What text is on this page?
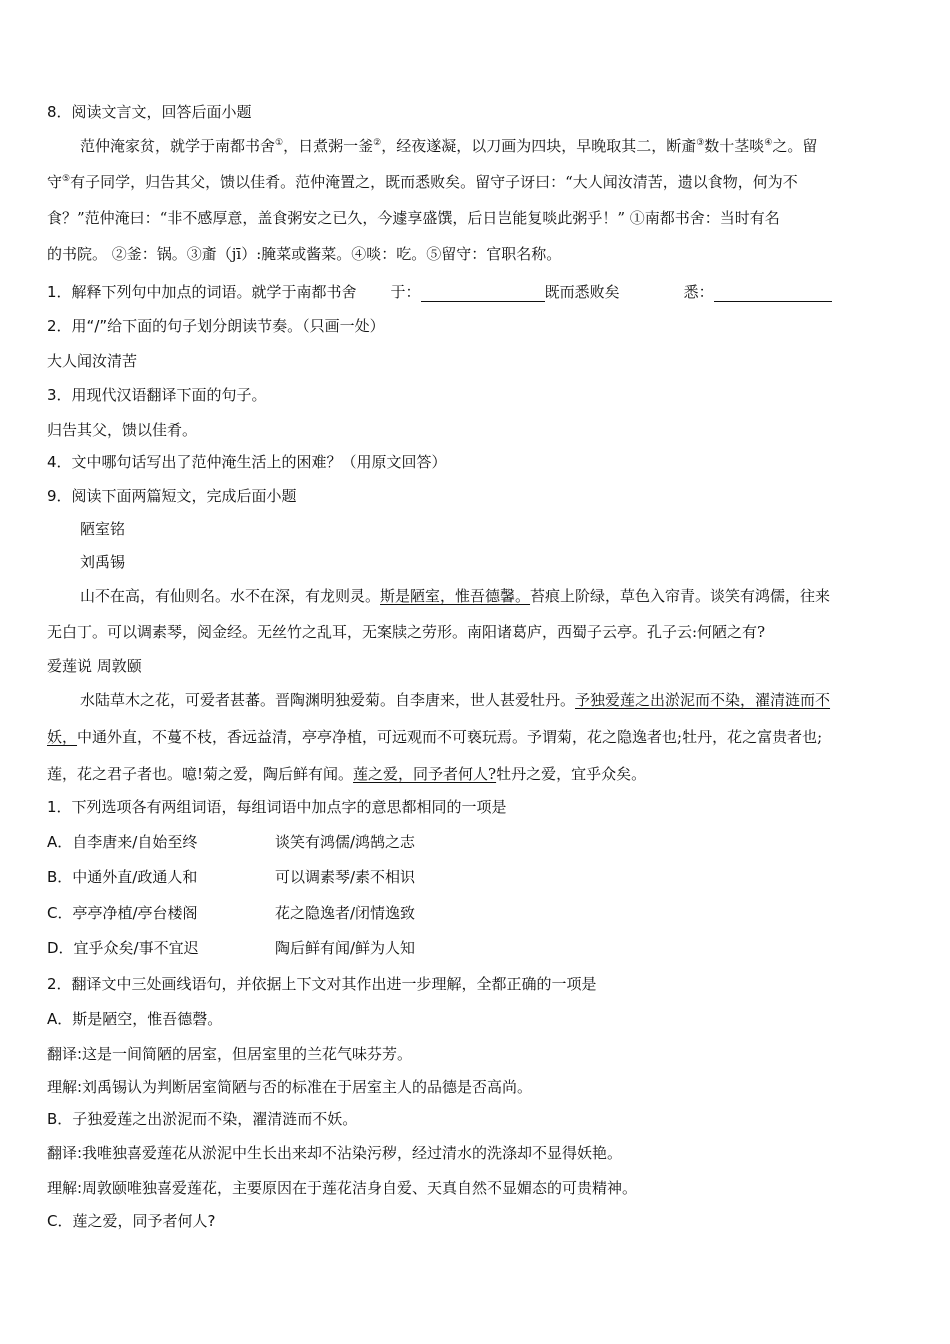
8．阅读文言文，回答后面小题
范仲淹家贫，就学于南都书舍①，日煮粥一釜②，经夜遂凝，以刀画为四块，早晚取其二，断齑③数十茎啖④之。留
守⑤有子同学，归告其父，馈以佳肴。范仲淹置之，既而悉败矣。留守子讶曰：“大人闻汝清苦，遗以食物，何为不
食？”范仲淹曰：“非不感厚意，盖食粥安之已久，今遽享盛馔，后日岂能复啖此粥乎！” ①南都书舍：当时有名
的书院。 ②釜：锅。③齑（jī）:腌菜或酱菜。④啖：吃。⑤留守：官职名称。
1．解释下列句中加点的词语。就学于南都书舍 于：	既而悉败矣	悉：
2．用“/”给下面的句子划分朗读节奏。（只画一处）
大人闻汝清苦
3．用现代汉语翻译下面的句子。
归告其父，馈以佳肴。
4．文中哪句话写出了范仲淹生活上的困难？（用原文回答）
9．阅读下面两篇短文，完成后面小题
陋室铭
刘禹锡
山不在高，有仙则名。水不在深，有龙则灵。斯是陋室，惟吾德馨。苔痕上阶绿，草色入帘青。谈笑有鸿儒，往来
无白丁。可以调素琴，阅金经。无丝竹之乱耳，无案牍之劳形。南阳诸葛庐，西蜀子云亭。孔子云:何陋之有?
爱莲说 周敦颐
水陆草木之花，可爱者甚蕃。晋陶渊明独爱菊。自李唐来，世人甚爱牡丹。予独爱莲之出淤泥而不染，濯清涟而不
妖，中通外直，不蔓不枝，香远益清，亭亭净植，可远观而不可亵玩焉。予谓菊，花之隐逸者也;牡丹，花之富贵者也;
莲，花之君子者也。噫!菊之爱，陶后鲜有闻。莲之爱，同予者何人?牡丹之爱，宜乎众矣。
1．下列选项各有两组词语，每组词语中加点字的意思都相同的一项是
A．自李唐来/自始至终	谈笑有鸿儒/鸿鹄之志
B．中通外直/政通人和	可以调素琴/素不相识
C．亭亭净植/亭台楼阁	花之隐逸者/闭情逸致
D．宜乎众矣/事不宜迟	陶后鲜有闻/鲜为人知
2．翻译文中三处画线语句，并依据上下文对其作出进一步理解，全都正确的一项是
A．斯是陋空，惟吾德磬。
翻译:这是一间简陋的居室，但居室里的兰花气味芬芳。
理解:刘禹锡认为判断居室简陋与否的标准在于居室主人的品德是否高尚。
B．子独爱莲之出淤泥而不染，濯清涟而不妖。
翻译:我唯独喜爱莲花从淤泥中生长出来却不沾染污秽，经过清水的洗涤却不显得妖艳。
理解:周敦颐唯独喜爱莲花，主要原因在于莲花洁身自爱、天真自然不显媚态的可贵精神。
C．莲之爱，同予者何人?
